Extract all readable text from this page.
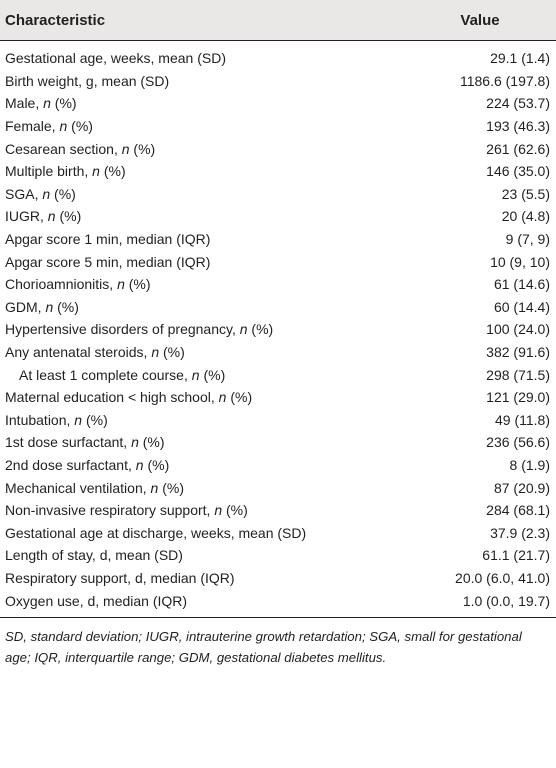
Characteristic	Value
Gestational age, weeks, mean (SD)	29.1 (1.4)
Birth weight, g, mean (SD)	1186.6 (197.8)
Male, n (%)	224 (53.7)
Female, n (%)	193 (46.3)
Cesarean section, n (%)	261 (62.6)
Multiple birth, n (%)	146 (35.0)
SGA, n (%)	23 (5.5)
IUGR, n (%)	20 (4.8)
Apgar score 1 min, median (IQR)	9 (7, 9)
Apgar score 5 min, median (IQR)	10 (9, 10)
Chorioamnionitis, n (%)	61 (14.6)
GDM, n (%)	60 (14.4)
Hypertensive disorders of pregnancy, n (%)	100 (24.0)
Any antenatal steroids, n (%)	382 (91.6)
At least 1 complete course, n (%)	298 (71.5)
Maternal education < high school, n (%)	121 (29.0)
Intubation, n (%)	49 (11.8)
1st dose surfactant, n (%)	236 (56.6)
2nd dose surfactant, n (%)	8 (1.9)
Mechanical ventilation, n (%)	87 (20.9)
Non-invasive respiratory support, n (%)	284 (68.1)
Gestational age at discharge, weeks, mean (SD)	37.9 (2.3)
Length of stay, d, mean (SD)	61.1 (21.7)
Respiratory support, d, median (IQR)	20.0 (6.0, 41.0)
Oxygen use, d, median (IQR)	1.0 (0.0, 19.7)
SD, standard deviation; IUGR, intrauterine growth retardation; SGA, small for gestational age; IQR, interquartile range; GDM, gestational diabetes mellitus.
